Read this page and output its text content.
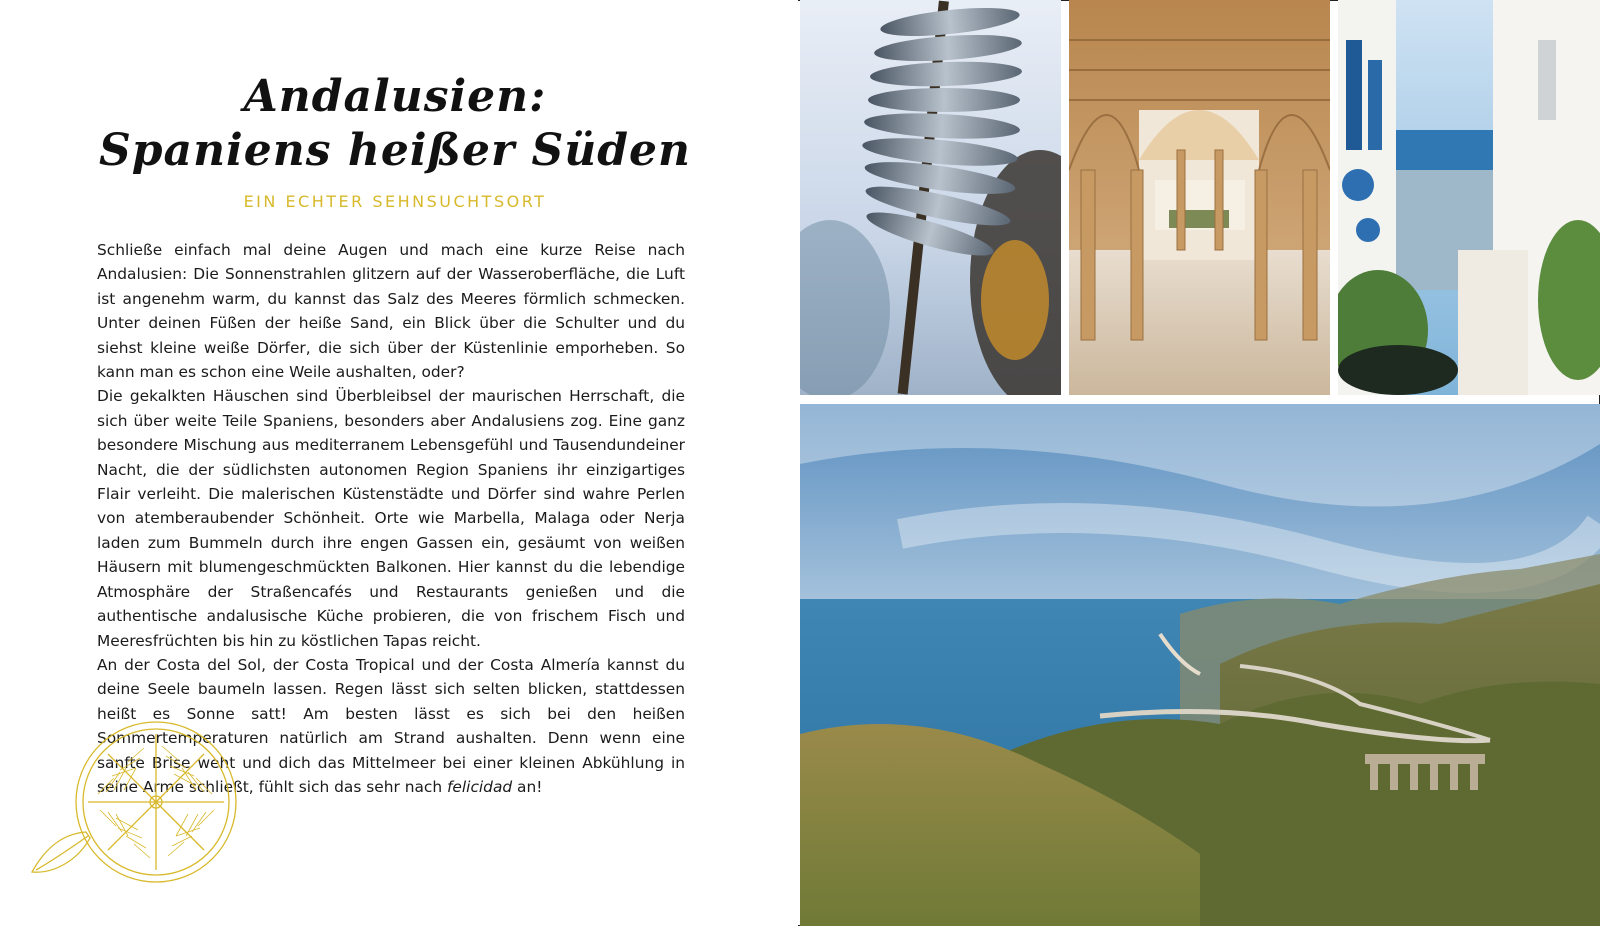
Andalusien:
Spaniens heißer Süden
EIN ECHTER SEHNSUCHTSORT

Schließe einfach mal deine Augen und mach eine kurze Reise nach Andalusien: Die Sonnenstrahlen glitzern auf der Wasseroberfläche, die Luft ist angenehm warm, du kannst das Salz des Meeres förmlich schmecken. Unter deinen Füßen der heiße Sand, ein Blick über die Schulter und du siehst kleine weiße Dörfer, die sich über der Küstenlinie emporheben. So kann man es schon eine Weile aushalten, oder?

Die gekalkten Häuschen sind Überbleibsel der maurischen Herrschaft, die sich über weite Teile Spaniens, besonders aber Andalusiens zog. Eine ganz besondere Mischung aus mediterranem Lebensgefühl und Tausendundeiner Nacht, die der südlichsten autonomen Region Spaniens ihr einzigartiges Flair verleiht. Die malerischen Küstenstädte und Dörfer sind wahre Perlen von atemberaubender Schönheit. Orte wie Marbella, Malaga oder Nerja laden zum Bummeln durch ihre engen Gassen ein, gesäumt von weißen Häusern mit blumengeschmückten Balkonen. Hier kannst du die lebendige Atmosphäre der Straßencafés und Restaurants genießen und die authentische andalusische Küche probieren, die von frischem Fisch und Meeresfrüchten bis hin zu köstlichen Tapas reicht.

An der Costa del Sol, der Costa Tropical und der Costa Almería kannst du deine Seele baumeln lassen. Regen lässt sich selten blicken, stattdessen heißt es Sonne satt! Am besten lässt es sich bei den heißen Sommertemperaturen natürlich am Strand aushalten. Denn wenn eine sanfte Brise weht und dich das Mittelmeer bei einer kleinen Abkühlung in seine Arme schließt, fühlt sich das sehr nach felicidad an!
